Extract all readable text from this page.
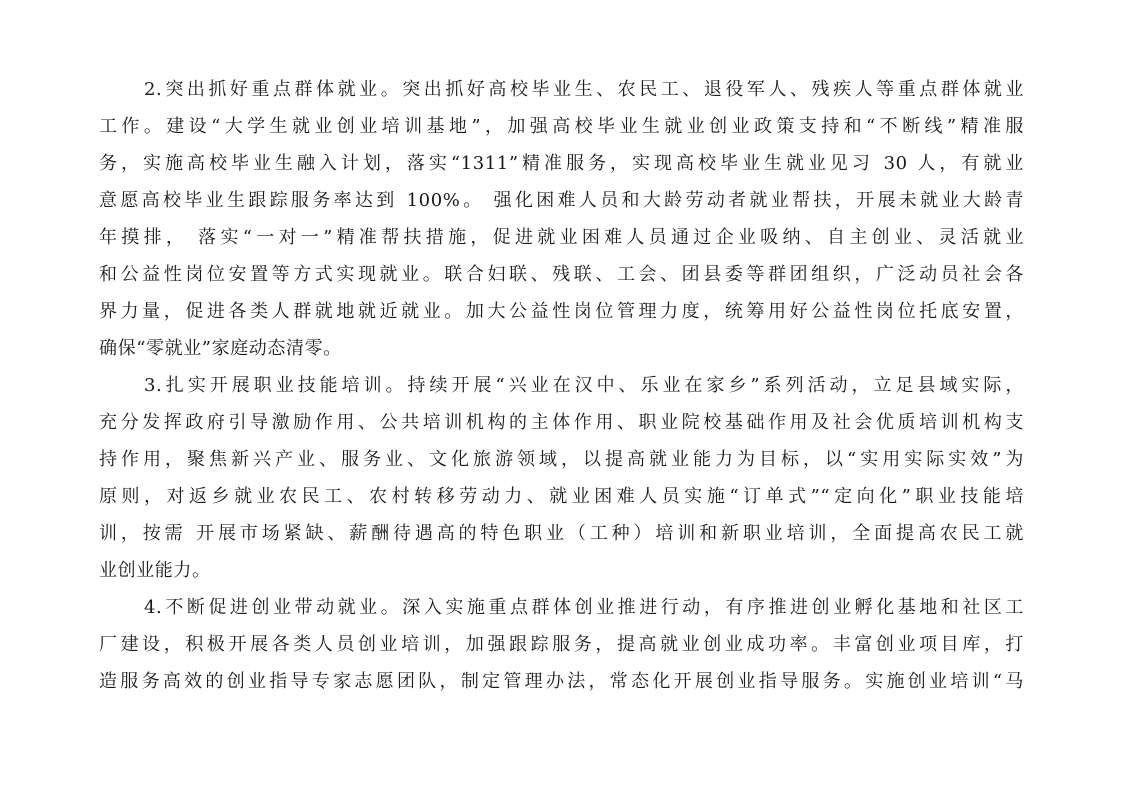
2.突出抓好重点群体就业。突出抓好高校毕业生、农民工、退役军人、残疾人等重点群体就业
工作。建设“大学生就业创业培训基地”，加强高校毕业生就业创业政策支持和“不断线”精准服
务，实施高校毕业生融入计划，落实“1311”精准服务，实现高校毕业生就业见习 30 人，有就业
意愿高校毕业生跟踪服务率达到 100%。 强化困难人员和大龄劳动者就业帮扶，开展未就业大龄青
年摸排， 落实“一对一”精准帮扶措施，促进就业困难人员通过企业吸纳、自主创业、灵活就业
和公益性岗位安置等方式实现就业。联合妇联、残联、工会、团县委等群团组织，广泛动员社会各
界力量，促进各类人群就地就近就业。加大公益性岗位管理力度，统筹用好公益性岗位托底安置，
确保“零就业”家庭动态清零。
3.扎实开展职业技能培训。持续开展“兴业在汉中、乐业在家乡”系列活动，立足县域实际，
充分发挥政府引导激励作用、公共培训机构的主体作用、职业院校基础作用及社会优质培训机构支
持作用，聚焦新兴产业、服务业、文化旅游领域，以提高就业能力为目标，以“实用实际实效”为
原则，对返乡就业农民工、农村转移劳动力、就业困难人员实施“订单式”“定向化”职业技能培
训，按需 开展市场紧缺、薪酬待遇高的特色职业（工种）培训和新职业培训，全面提高农民工就
业创业能力。
4.不断促进创业带动就业。深入实施重点群体创业推进行动，有序推进创业孵化基地和社区工
厂建设，积极开展各类人员创业培训，加强跟踪服务，提高就业创业成功率。丰富创业项目库，打
造服务高效的创业指导专家志愿团队，制定管理办法，常态化开展创业指导服务。实施创业培训“马
